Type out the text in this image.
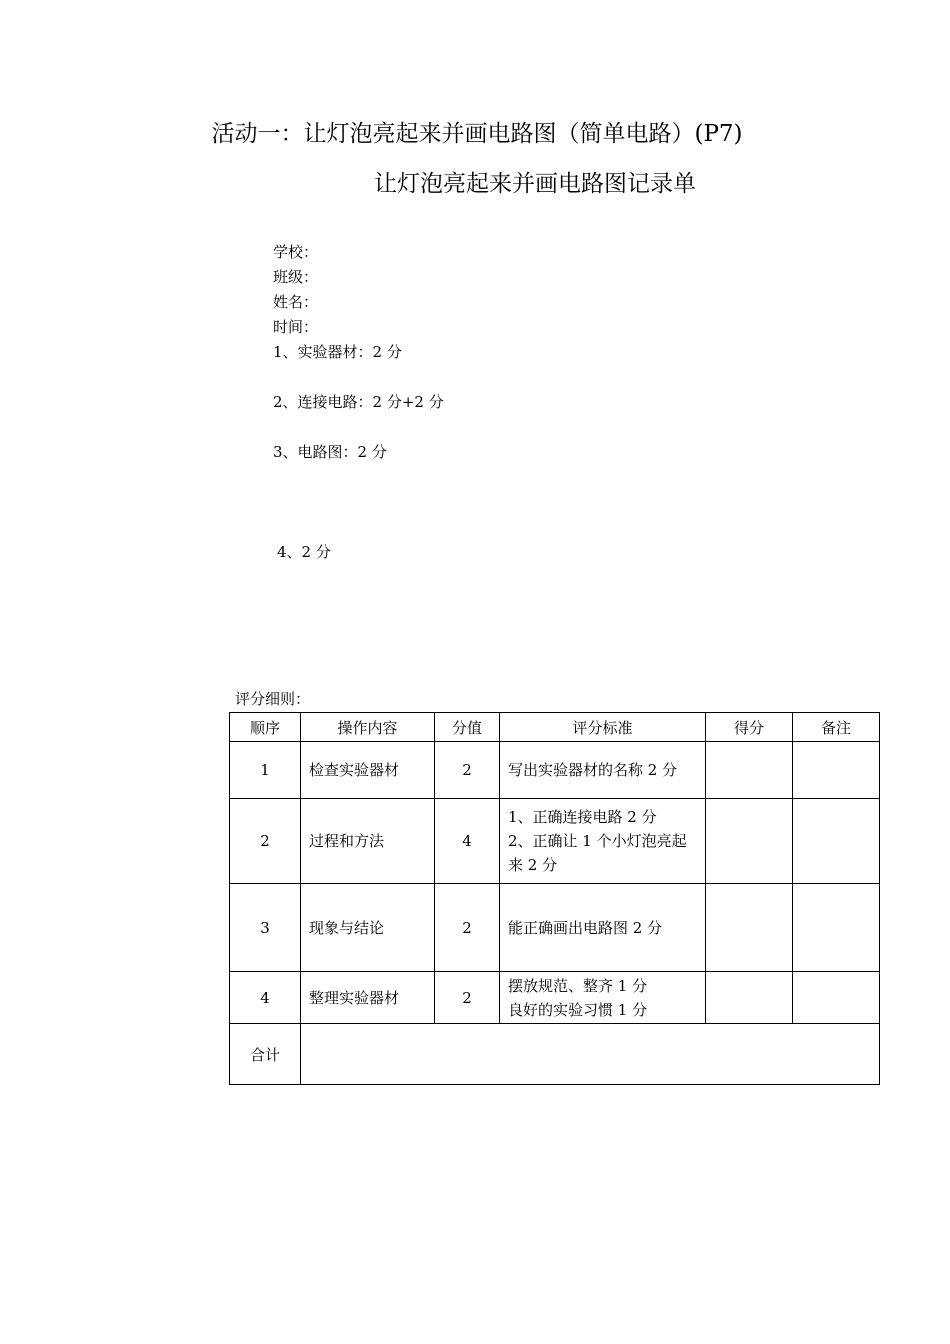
活动一：让灯泡亮起来并画电路图（简单电路）(P7)
让灯泡亮起来并画电路图记录单
学校：
班级：
姓名：
时间：
1、实验器材：2 分
2、连接电路：2 分+2 分
3、电路图：2 分
4、2 分
评分细则：
顺序	操作内容	分值	评分标准	得分	备注
1	检查实验器材	2	写出实验器材的名称 2 分		

2	过程和方法	4	1、正确连接电路 2 分
2、正确让 1 个小灯泡亮起
来 2 分		

3	现象与结论	2	能正确画出电路图 2 分		

4	整理实验器材	2	摆放规范、整齐 1 分
良好的实验习惯 1 分		

合计					
